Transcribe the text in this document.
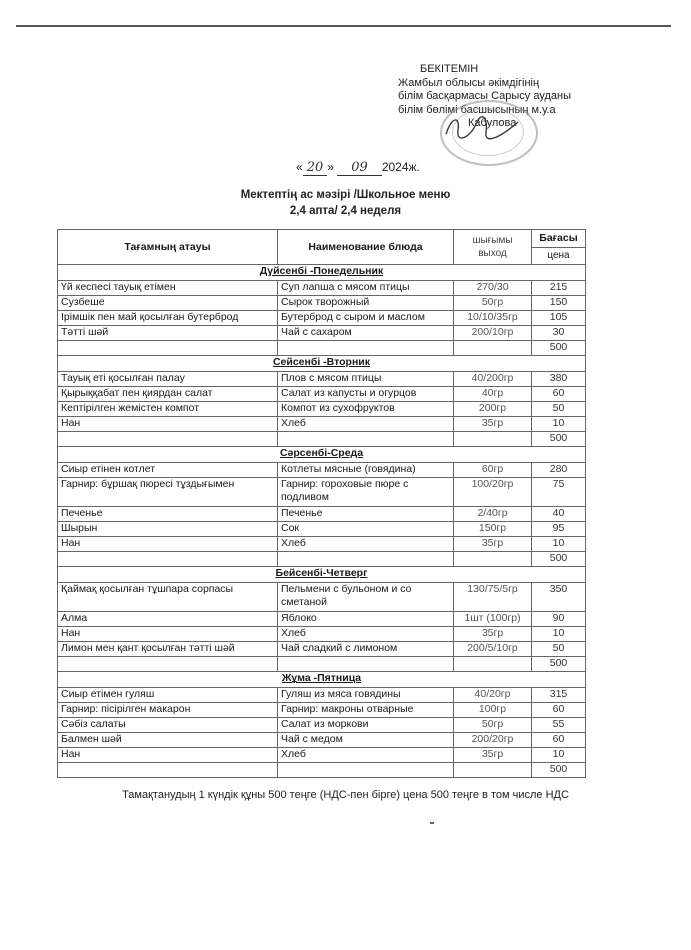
БЕКІТЕМІН
Жамбыл облысы әкімдігінің
білім басқармасы Сарысу ауданы
білім бөлімі басшысының м.у.а
Кабулова
« 20 » 09 2024ж.
Мектептің ас мәзірі /Школьное меню
2,4 апта/ 2,4 неделя
Тағамның атауы	Наименование блюда	шығымы выход	Бағасы
			цена
Дүйсенбі -Понедельник			
Үй кеспесі тауық етімен	Суп лапша с мясом птицы	270/30	215
Сузбеше	Сырок творожный	50гр	150
Ірімшік пен май қосылған бутерброд	Бутерброд с сыром и маслом	10/10/35гр	105
Тәтті шәй	Чай с сахаром	200/10гр	30
			500
Сейсенбі -Вторник			
Тауық еті қосылған палау	Плов с мясом птицы	40/200гр	380
Қырыққабат пен қиярдан салат	Салат из капусты и огурцов	40гр	60
Кептірілген жемістен компот	Компот из сухофруктов	200гр	50
Нан	Хлеб	35гр	10
			500
Сәрсенбі-Среда			
Сиыр етінен котлет	Котлеты мясные (говядина)	60гр	280
Гарнир: бұршақ пюресі тұздығымен	Гарнир: гороховые пюре с подливом	100/20гр	75
Печенье	Печенье	2/40гр	40
Шырын	Сок	150гр	95
Нан	Хлеб	35гр	10
			500
Бейсенбі-Четверг			
Қаймақ қосылған тұшпара сорпасы	Пельмени с бульоном и со сметаной	130/75/5гр	350
Алма	Яблоко	1шт (100гр)	90
Нан	Хлеб	35гр	10
Лимон мен қант қосылған тәтті шәй	Чай сладкий с лимоном	200/5/10гр	50
			500
Жұма -Пятница			
Сиыр етімен гуляш	Гуляш из мяса говядины	40/20гр	315
Гарнир: пісірілген макарон	Гарнир: макроны отварные	100гр	60
Сәбіз салаты	Салат из моркови	50гр	55
Балмен шәй	Чай с медом	200/20гр	60
Нан	Хлеб	35гр	10
			500
Тамақтанудың 1 күндік құны 500 теңге (НДС-пен бірге) цена 500 теңге в том числе НДС
